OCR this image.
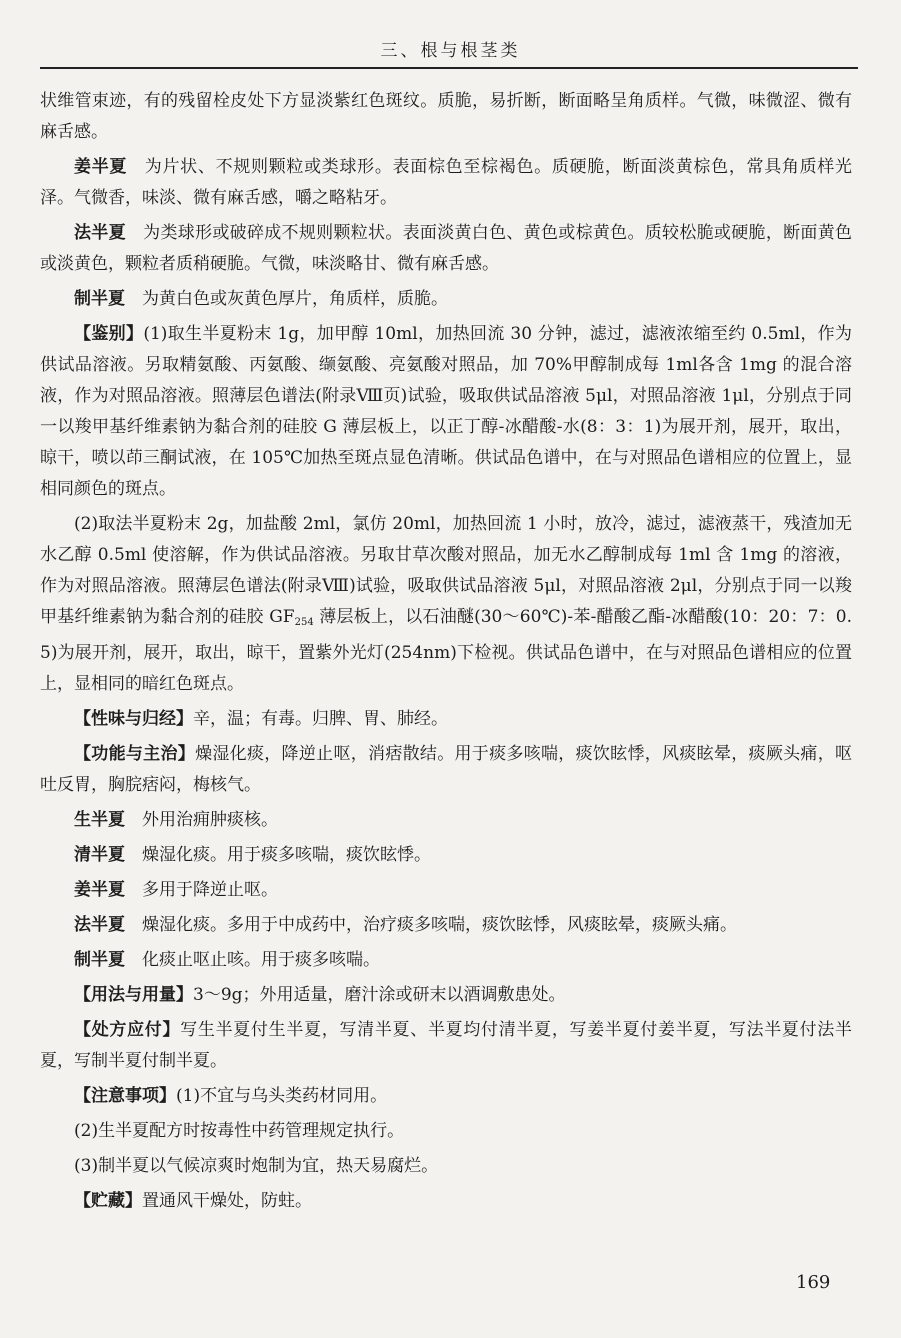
三、根与根茎类

状维管束迹，有的残留栓皮处下方显淡紫红色斑纹。质脆，易折断，断面略呈角质样。气微，味微涩、微有麻舌感。

姜半夏　为片状、不规则颗粒或类球形。表面棕色至棕褐色。质硬脆，断面淡黄棕色，常具角质样光泽。气微香，味淡、微有麻舌感，嚼之略粘牙。

法半夏　为类球形或破碎成不规则颗粒状。表面淡黄白色、黄色或棕黄色。质较松脆或硬脆，断面黄色或淡黄色，颗粒者质稍硬脆。气微，味淡略甘、微有麻舌感。

制半夏　为黄白色或灰黄色厚片，角质样，质脆。

【鉴别】(1)取生半夏粉末 1g，加甲醇 10ml，加热回流 30 分钟，滤过，滤液浓缩至约 0.5ml，作为供试品溶液。另取精氨酸、丙氨酸、缬氨酸、亮氨酸对照品，加 70%甲醇制成每 1ml各含 1mg 的混合溶液，作为对照品溶液。照薄层色谱法(附录Ⅷ页)试验，吸取供试品溶液 5μl，对照品溶液 1μl，分别点于同一以羧甲基纤维素钠为黏合剂的硅胶 G 薄层板上，以正丁醇-冰醋酸-水(8：3：1)为展开剂，展开，取出，晾干，喷以茚三酮试液，在 105℃加热至斑点显色清晰。供试品色谱中，在与对照品色谱相应的位置上，显相同颜色的斑点。

(2)取法半夏粉末 2g，加盐酸 2ml，氯仿 20ml，加热回流 1 小时，放冷，滤过，滤液蒸干，残渣加无水乙醇 0.5ml 使溶解，作为供试品溶液。另取甘草次酸对照品，加无水乙醇制成每 1ml 含 1mg 的溶液，作为对照品溶液。照薄层色谱法(附录Ⅷ)试验，吸取供试品溶液 5μl，对照品溶液 2μl，分别点于同一以羧甲基纤维素钠为黏合剂的硅胶 $GF_{254}$ 薄层板上，以石油醚(30～60℃)-苯-醋酸乙酯-冰醋酸(10：20：7：0.5)为展开剂，展开，取出，晾干，置紫外光灯(254nm)下检视。供试品色谱中，在与对照品色谱相应的位置上，显相同的暗红色斑点。

【性味与归经】辛，温；有毒。归脾、胃、肺经。

【功能与主治】燥湿化痰，降逆止呕，消痞散结。用于痰多咳喘，痰饮眩悸，风痰眩晕，痰厥头痛，呕吐反胃，胸脘痞闷，梅核气。

生半夏　外用治痈肿痰核。

清半夏　燥湿化痰。用于痰多咳喘，痰饮眩悸。

姜半夏　多用于降逆止呕。

法半夏　燥湿化痰。多用于中成药中，治疗痰多咳喘，痰饮眩悸，风痰眩晕，痰厥头痛。

制半夏　化痰止呕止咳。用于痰多咳喘。

【用法与用量】3～9g；外用适量，磨汁涂或研末以酒调敷患处。

【处方应付】写生半夏付生半夏，写清半夏、半夏均付清半夏，写姜半夏付姜半夏，写法半夏付法半夏，写制半夏付制半夏。

【注意事项】(1)不宜与乌头类药材同用。

(2)生半夏配方时按毒性中药管理规定执行。

(3)制半夏以气候凉爽时炮制为宜，热天易腐烂。

【贮藏】置通风干燥处，防蛀。

169
